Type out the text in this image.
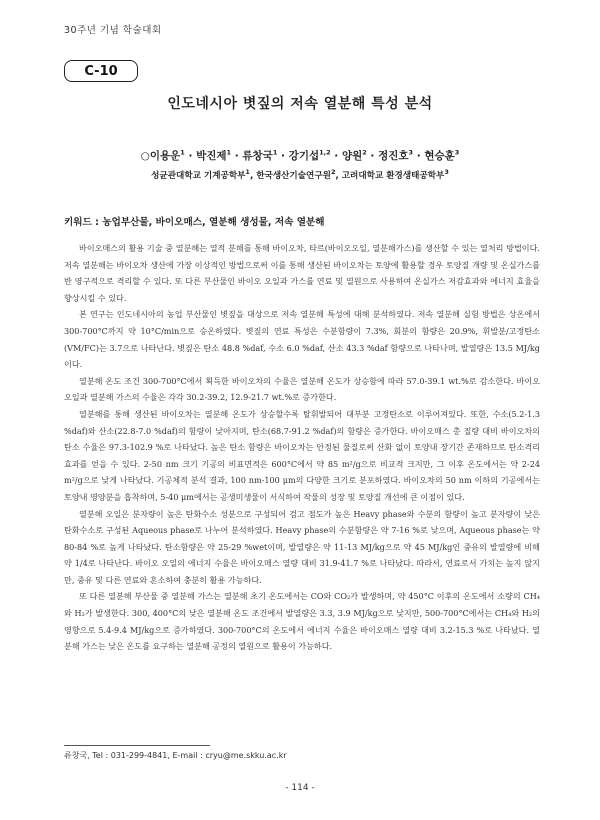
30주년 기념 학술대회
C-10
인도네시아 볏짚의 저속 열분해 특성 분석
○이용운$^1$ · 박진제$^1$ · 류창국$^1$ · 강기섭$^{1,2}$ · 양원$^2$ · 정진호$^3$ · 현승훈$^3$
성균관대학교 기계공학부$^1$, 한국생산기술연구원$^2$, 고려대학교 환경생태공학부$^3$
키워드 : 농업부산물, 바이오매스, 열분해 생성물, 저속 열분해

바이오매스의 활용 기술 중 열분해는 열적 분해를 통해 바이오차, 타르(바이오오일, 열분해가스)를 생산할 수 있는 열처리 방법이다. 저속 열분해는 바이오차 생산에 가장 이상적인 방법으로써 이를 통해 생산된 바이오차는 토양에 활용할 경우 토양질 개량 및 온실가스를 반 영구적으로 격리할 수 있다. 또 다른 부산물인 바이오 오일과 가스를 연료 및 열원으로 사용하여 온실가스 저감효과와 에너지 효율을 향상시킬 수 있다.

본 연구는 인도네시아의 농업 부산물인 볏짚을 대상으로 저속 열분해 특성에 대해 분석하였다. 저속 열분해 실험 방법은 상온에서 300-700°C까지 약 10°C/min으로 승온하였다. 볏짚의 연료 특성은 수분함량이 7.3%, 회분의 함량은 20.9%, 휘발분/고정탄소(VM/FC)는 3.7으로 나타난다. 볏짚은 탄소 48.8 %daf, 수소 6.0 %daf, 산소 43.3 %daf 함량으로 나타나며, 발열량은 13.5 MJ/kg이다.

열분해 온도 조건 300-700°C에서 획득한 바이오차의 수율은 열분해 온도가 상승함에 따라 57.0-39.1 wt.%로 감소한다. 바이오 오일과 열분해 가스의 수율은 각각 30.2-39.2, 12.9-21.7 wt.%로 증가한다.

열분해를 통해 생산된 바이오차는 열분해 온도가 상승할수록 탈휘발되어 대부분 고정탄소로 이루어져있다. 또한, 수소(5.2-1.3 %daf)와 산소(22.8-7.0 %daf)의 함량이 낮아지며, 탄소(68.7-91.2 %daf)의 함량은 증가한다. 바이오매스 총 질량 대비 바이오차의 탄소 수율은 97.3-102.9 %로 나타났다. 높은 탄소 함량은 바이오차는 안정된 물질로써 산화 없이 토양내 장기간 존재하므로 탄소격리 효과를 얻을 수 있다. 2-50 nm 크기 기공의 비표면적은 600°C에서 약 85 m²/g으로 비교적 크지만, 그 이후 온도에서는 약 2-24 m²/g으로 낮게 나타났다. 기공체적 분석 결과, 100 nm-100 μm의 다양한 크기로 분포하였다. 바이오차의 50 nm 이하의 기공에서는 토양내 영양분을 흡착하며, 5-40 μm에서는 공생미생물이 서식하여 작물의 성장 및 토양질 개선에 큰 이점이 있다.

열분해 오일은 분자량이 높은 탄화수소 성분으로 구성되어 검고 점도가 높은 Heavy phase와 수분의 함량이 높고 분자량이 낮은 탄화수소로 구성된 Aqueous phase로 나누어 분석하였다. Heavy phase의 수분함량은 약 7-16 %로 낮으며, Aqueous phase는 약 80-84 %로 높게 나타났다. 탄소함량은 약 25-29 %wet이며, 발열량은 약 11-13 MJ/kg으로 약 45 MJ/kg인 중유의 발열량에 비해 약 1/4로 나타난다. 바이오 오일의 에너지 수율은 바이오매스 열량 대비 31.9-41.7 %로 나타났다. 따라서, 연료로서 가치는 높지 않지만, 중유 및 다른 연료와 혼소하여 충분히 활용 가능하다.

또 다른 열분해 부산물 중 열분해 가스는 열분해 초기 온도에서는 CO와 CO₂가 발생하며, 약 450°C 이후의 온도에서 소량의 CH₄와 H₂가 발생한다. 300, 400°C의 낮은 열분해 온도 조건에서 발열량은 3.3, 3.9 MJ/kg으로 낮지만, 500-700°C에서는 CH₄와 H₂의 영향으로 5.4-9.4 MJ/kg으로 증가하였다. 300-700°C의 온도에서 에너지 수율은 바이오매스 열량 대비 3.2-15.3 %로 나타났다. 열분해 가스는 낮은 온도를 요구하는 열분해 공정의 열원으로 활용이 가능하다.

류창국, Tel : 031-299-4841, E-mail : cryu@me.skku.ac.kr
- 114 -
